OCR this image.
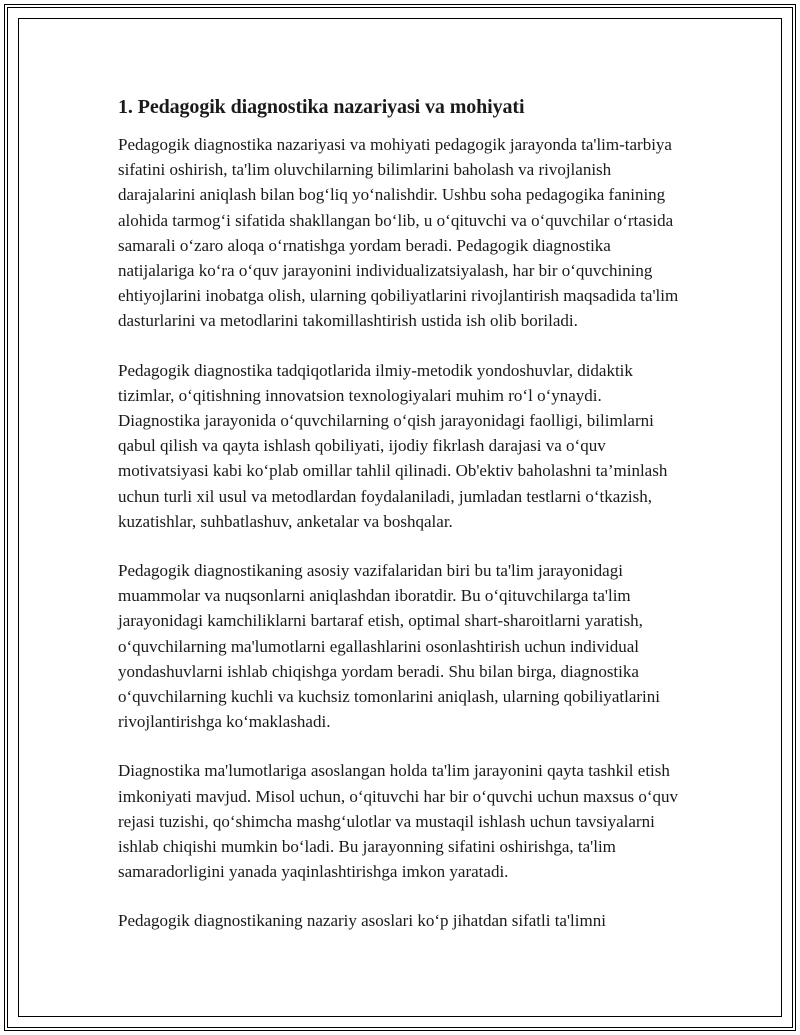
1. Pedagogik diagnostika nazariyasi va mohiyati

Pedagogik diagnostika nazariyasi va mohiyati pedagogik jarayonda ta'lim-tarbiya sifatini oshirish, ta'lim oluvchilarning bilimlarini baholash va rivojlanish darajalarini aniqlash bilan bog‘liq yo‘nalishdir. Ushbu soha pedagogika fanining alohida tarmog‘i sifatida shakllangan bo‘lib, u o‘qituvchi va o‘quvchilar o‘rtasida samarali o‘zaro aloqa o‘rnatishga yordam beradi. Pedagogik diagnostika natijalariga ko‘ra o‘quv jarayonini individualizatsiyalash, har bir o‘quvchining ehtiyojlarini inobatga olish, ularning qobiliyatlarini rivojlantirish maqsadida ta'lim dasturlarini va metodlarini takomillashtirish ustida ish olib boriladi.

Pedagogik diagnostika tadqiqotlarida ilmiy-metodik yondoshuvlar, didaktik tizimlar, o‘qitishning innovatsion texnologiyalari muhim ro‘l o‘ynaydi. Diagnostika jarayonida o‘quvchilarning o‘qish jarayonidagi faolligi, bilimlarni qabul qilish va qayta ishlash qobiliyati, ijodiy fikrlash darajasi va o‘quv motivatsiyasi kabi ko‘plab omillar tahlil qilinadi. Ob'ektiv baholashni ta’minlash uchun turli xil usul va metodlardan foydalaniladi, jumladan testlarni o‘tkazish, kuzatishlar, suhbatlashuv, anketalar va boshqalar.

Pedagogik diagnostikaning asosiy vazifalaridan biri bu ta'lim jarayonidagi muammolar va nuqsonlarni aniqlashdan iboratdir. Bu o‘qituvchilarga ta'lim jarayonidagi kamchiliklarni bartaraf etish, optimal shart-sharoitlarni yaratish, o‘quvchilarning ma'lumotlarni egallashlarini osonlashtirish uchun individual yondashuvlarni ishlab chiqishga yordam beradi. Shu bilan birga, diagnostika o‘quvchilarning kuchli va kuchsiz tomonlarini aniqlash, ularning qobiliyatlarini rivojlantirishga ko‘maklashadi.

Diagnostika ma'lumotlariga asoslangan holda ta'lim jarayonini qayta tashkil etish imkoniyati mavjud. Misol uchun, o‘qituvchi har bir o‘quvchi uchun maxsus o‘quv rejasi tuzishi, qo‘shimcha mashg‘ulotlar va mustaqil ishlash uchun tavsiyalarni ishlab chiqishi mumkin bo‘ladi. Bu jarayonning sifatini oshirishga, ta'lim samaradorligini yanada yaqinlashtirishga imkon yaratadi.

Pedagogik diagnostikaning nazariy asoslari ko‘p jihatdan sifatli ta'limni
